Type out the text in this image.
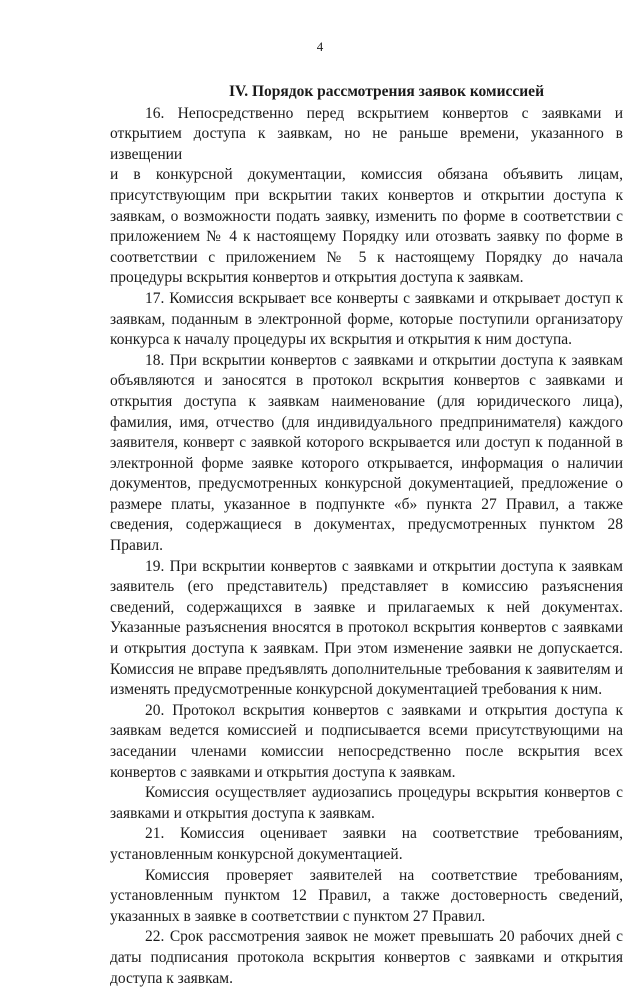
4
IV. Порядок рассмотрения заявок комиссией

16. Непосредственно перед вскрытием конвертов с заявками и открытием доступа к заявкам, но не раньше времени, указанного в извещении
и в конкурсной документации, комиссия обязана объявить лицам, присутствующим при вскрытии таких конвертов и открытии доступа к заявкам, о возможности подать заявку, изменить по форме в соответствии с приложением № 4 к настоящему Порядку или отозвать заявку по форме в соответствии с приложением № 5 к настоящему Порядку до начала процедуры вскрытия конвертов и открытия доступа к заявкам.

17. Комиссия вскрывает все конверты с заявками и открывает доступ к заявкам, поданным в электронной форме, которые поступили организатору конкурса к началу процедуры их вскрытия и открытия к ним доступа.

18. При вскрытии конвертов с заявками и открытии доступа к заявкам объявляются и заносятся в протокол вскрытия конвертов с заявками и открытия доступа к заявкам наименование (для юридического лица), фамилия, имя, отчество (для индивидуального предпринимателя) каждого заявителя, конверт с заявкой которого вскрывается или доступ к поданной в электронной форме заявке которого открывается, информация о наличии документов, предусмотренных конкурсной документацией, предложение о размере платы, указанное в подпункте «б» пункта 27 Правил, а также сведения, содержащиеся в документах, предусмотренных пунктом 28 Правил.

19. При вскрытии конвертов с заявками и открытии доступа к заявкам заявитель (его представитель) представляет в комиссию разъяснения сведений, содержащихся в заявке и прилагаемых к ней документах. Указанные разъяснения вносятся в протокол вскрытия конвертов с заявками и открытия доступа к заявкам. При этом изменение заявки не допускается. Комиссия не вправе предъявлять дополнительные требования к заявителям и изменять предусмотренные конкурсной документацией требования к ним.

20. Протокол вскрытия конвертов с заявками и открытия доступа к заявкам ведется комиссией и подписывается всеми присутствующими на заседании членами комиссии непосредственно после вскрытия всех конвертов с заявками и открытия доступа к заявкам.

Комиссия осуществляет аудиозапись процедуры вскрытия конвертов с заявками и открытия доступа к заявкам.

21. Комиссия оценивает заявки на соответствие требованиям, установленным конкурсной документацией.

Комиссия проверяет заявителей на соответствие требованиям, установленным пунктом 12 Правил, а также достоверность сведений, указанных в заявке в соответствии с пунктом 27 Правил.

22. Срок рассмотрения заявок не может превышать 20 рабочих дней с даты подписания протокола вскрытия конвертов с заявками и открытия доступа к заявкам.
